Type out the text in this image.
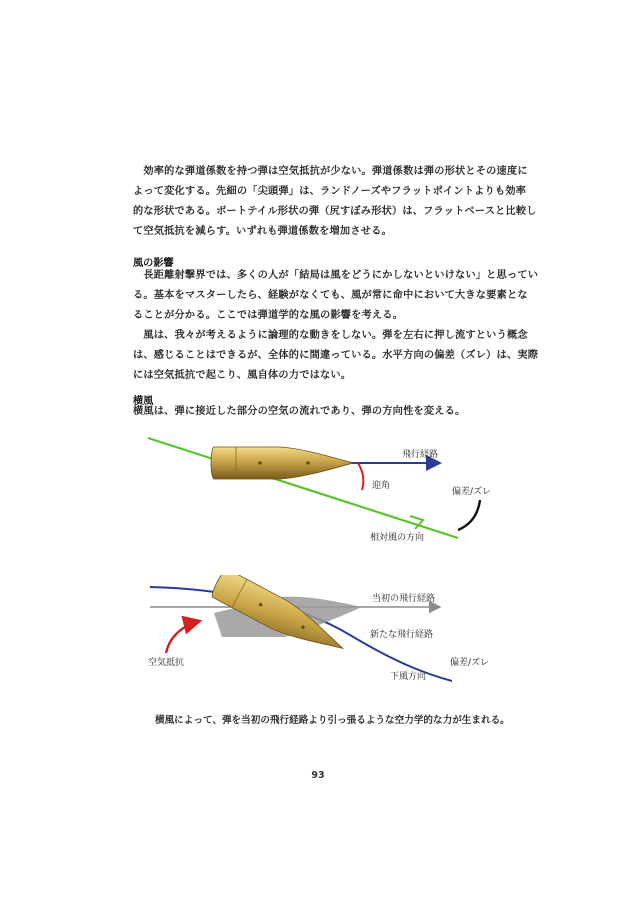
　効率的な弾道係数を持つ弾は空気抵抗が少ない。弾道係数は弾の形状とその速度に
よって変化する。先細の「尖頭弾」は、ランドノーズやフラットポイントよりも効率
的な形状である。ボートテイル形状の弾（尻すぼみ形状）は、フラットベースと比較し
て空気抵抗を減らす。いずれも弾道係数を増加させる。
風の影響
　長距離射撃界では、多くの人が「結局は風をどうにかしないといけない」と思ってい
る。基本をマスターしたら、経験がなくても、風が常に命中において大きな要素とな
ることが分かる。ここでは弾道学的な風の影響を考える。
　風は、我々が考えるように論理的な動きをしない。弾を左右に押し流すという概念
は、感じることはできるが、全体的に間違っている。水平方向の偏差（ズレ）は、実際
には空気抵抗で起こり、風自体の力ではない。
横風
横風は、弾に接近した部分の空気の流れであり、弾の方向性を変える。
迎角
飛行経路
偏差/ズレ
相対風の方向
当初の飛行経路
新たな飛行経路
空気抵抗	偏差/ズレ
下風方向
横風によって、弾を当初の飛行経路より引っ張るような空力学的な力が生まれる。
93
